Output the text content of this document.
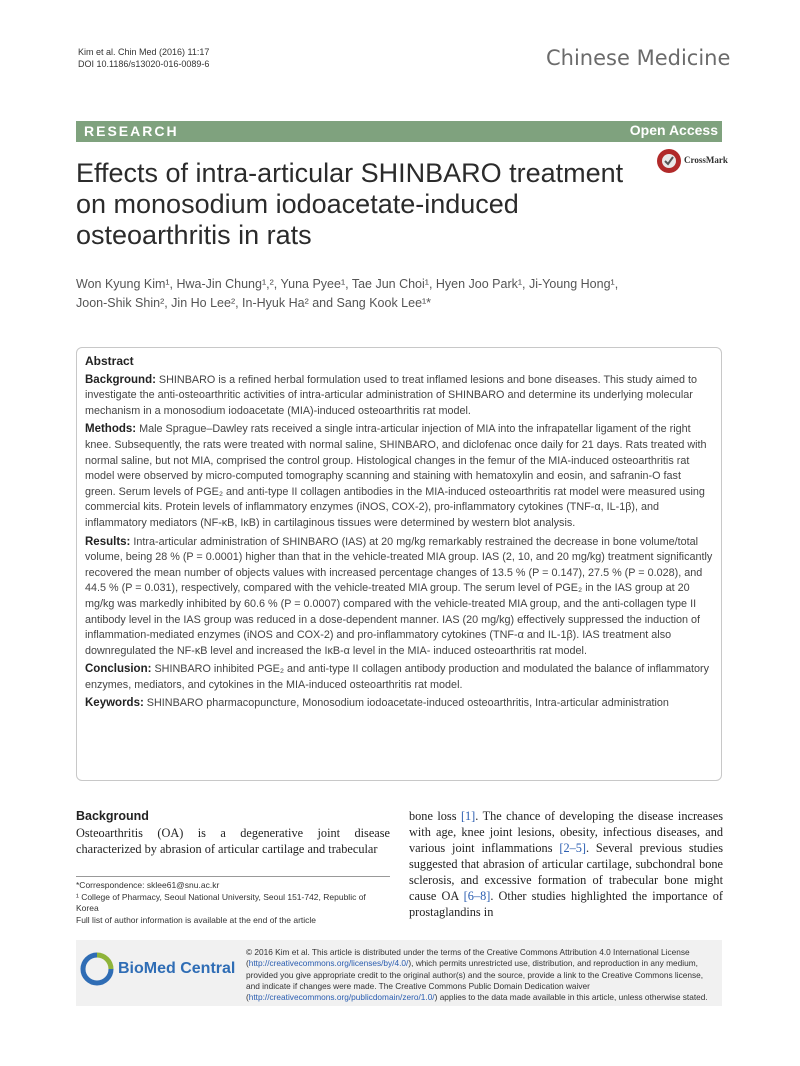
Kim et al. Chin Med (2016) 11:17
DOI 10.1186/s13020-016-0089-6	Chinese Medicine
RESEARCH	Open Access
CrossMark
Effects of intra-articular SHINBARO treatment on monosodium iodoacetate-induced osteoarthritis in rats
Won Kyung Kim¹, Hwa-Jin Chung¹,², Yuna Pyee¹, Tae Jun Choi¹, Hyen Joo Park¹, Ji-Young Hong¹,
Joon-Shik Shin², Jin Ho Lee², In-Hyuk Ha² and Sang Kook Lee¹*
Abstract

Background: SHINBARO is a refined herbal formulation used to treat inflamed lesions and bone diseases. This study aimed to investigate the anti-osteoarthritic activities of intra-articular administration of SHINBARO and determine its underlying molecular mechanism in a monosodium iodoacetate (MIA)-induced osteoarthritis rat model.

Methods: Male Sprague–Dawley rats received a single intra-articular injection of MIA into the infrapatellar ligament of the right knee. Subsequently, the rats were treated with normal saline, SHINBARO, and diclofenac once daily for 21 days. Rats treated with normal saline, but not MIA, comprised the control group. Histological changes in the femur of the MIA-induced osteoarthritis rat model were observed by micro-computed tomography scanning and staining with hematoxylin and eosin, and safranin-O fast green. Serum levels of PGE₂ and anti-type II collagen antibodies in the MIA-induced osteoarthritis rat model were measured using commercial kits. Protein levels of inflammatory enzymes (iNOS, COX-2), pro-inflammatory cytokines (TNF-α, IL-1β), and inflammatory mediators (NF-κB, IκB) in cartilaginous tissues were determined by western blot analysis.

Results: Intra-articular administration of SHINBARO (IAS) at 20 mg/kg remarkably restrained the decrease in bone volume/total volume, being 28 % (P = 0.0001) higher than that in the vehicle-treated MIA group. IAS (2, 10, and 20 mg/kg) treatment significantly recovered the mean number of objects values with increased percentage changes of 13.5 % (P = 0.147), 27.5 % (P = 0.028), and 44.5 % (P = 0.031), respectively, compared with the vehicle-treated MIA group. The serum level of PGE₂ in the IAS group at 20 mg/kg was markedly inhibited by 60.6 % (P = 0.0007) compared with the vehicle-treated MIA group, and the anti-collagen type II antibody level in the IAS group was reduced in a dose-dependent manner. IAS (20 mg/kg) effectively suppressed the induction of inflammation-mediated enzymes (iNOS and COX-2) and pro-inflammatory cytokines (TNF-α and IL-1β). IAS treatment also downregulated the NF-κB level and increased the IκB-α level in the MIA- induced osteoarthritis rat model.

Conclusion: SHINBARO inhibited PGE₂ and anti-type II collagen antibody production and modulated the balance of inflammatory enzymes, mediators, and cytokines in the MIA-induced osteoarthritis rat model.

Keywords: SHINBARO pharmacopuncture, Monosodium iodoacetate-induced osteoarthritis, Intra-articular administration

Background
Osteoarthritis (OA) is a degenerative joint disease characterized by abrasion of articular cartilage and trabecular
bone loss [1]. The chance of developing the disease increases with age, knee joint lesions, obesity, infectious diseases, and various joint inflammations [2–5]. Several previous studies suggested that abrasion of articular cartilage, subchondral bone sclerosis, and excessive formation of trabecular bone might cause OA [6–8]. Other studies highlighted the importance of prostaglandins in
*Correspondence: sklee61@snu.ac.kr
¹ College of Pharmacy, Seoul National University, Seoul 151-742, Republic of Korea
Full list of author information is available at the end of the article
BioMed Central
© 2016 Kim et al. This article is distributed under the terms of the Creative Commons Attribution 4.0 International License (http://creativecommons.org/licenses/by/4.0/), which permits unrestricted use, distribution, and reproduction in any medium, provided you give appropriate credit to the original author(s) and the source, provide a link to the Creative Commons license, and indicate if changes were made. The Creative Commons Public Domain Dedication waiver (http://creativecommons.org/publicdomain/zero/1.0/) applies to the data made available in this article, unless otherwise stated.
